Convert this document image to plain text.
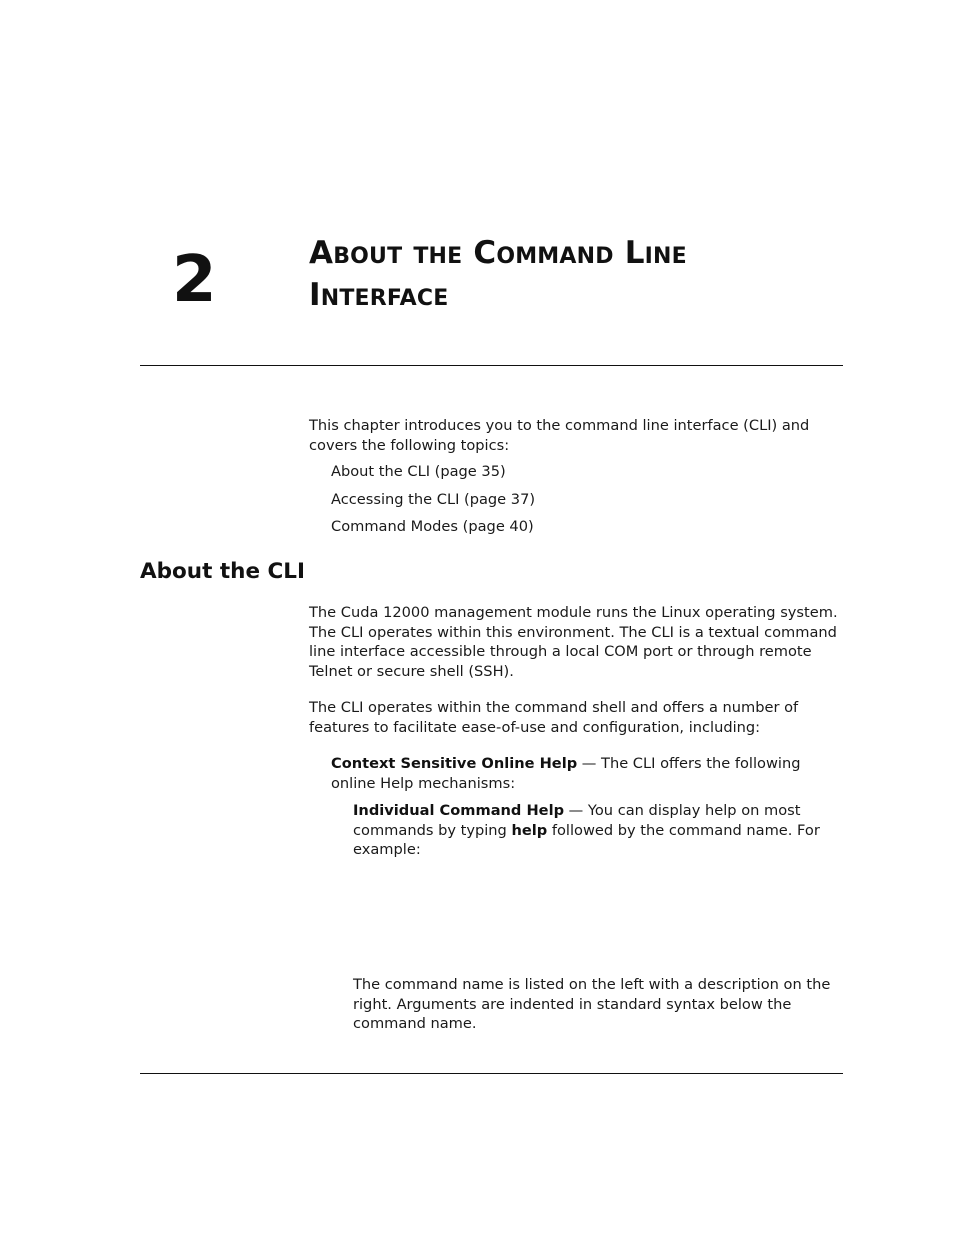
2	About the Command Line
Interface
This chapter introduces you to the command line interface (CLI) and covers the following topics:
About the CLI (page 35)
Accessing the CLI (page 37)
Command Modes (page 40)
About the CLI
The Cuda 12000 management module runs the Linux operating system. The CLI operates within this environment. The CLI is a textual command line interface accessible through a local COM port or through remote Telnet or secure shell (SSH).
The CLI operates within the command shell and offers a number of features to facilitate ease-of-use and configuration, including:
Context Sensitive Online Help — The CLI offers the following online Help mechanisms:
Individual Command Help — You can display help on most commands by typing help followed by the command name. For example:
The command name is listed on the left with a description on the right. Arguments are indented in standard syntax below the command name.
